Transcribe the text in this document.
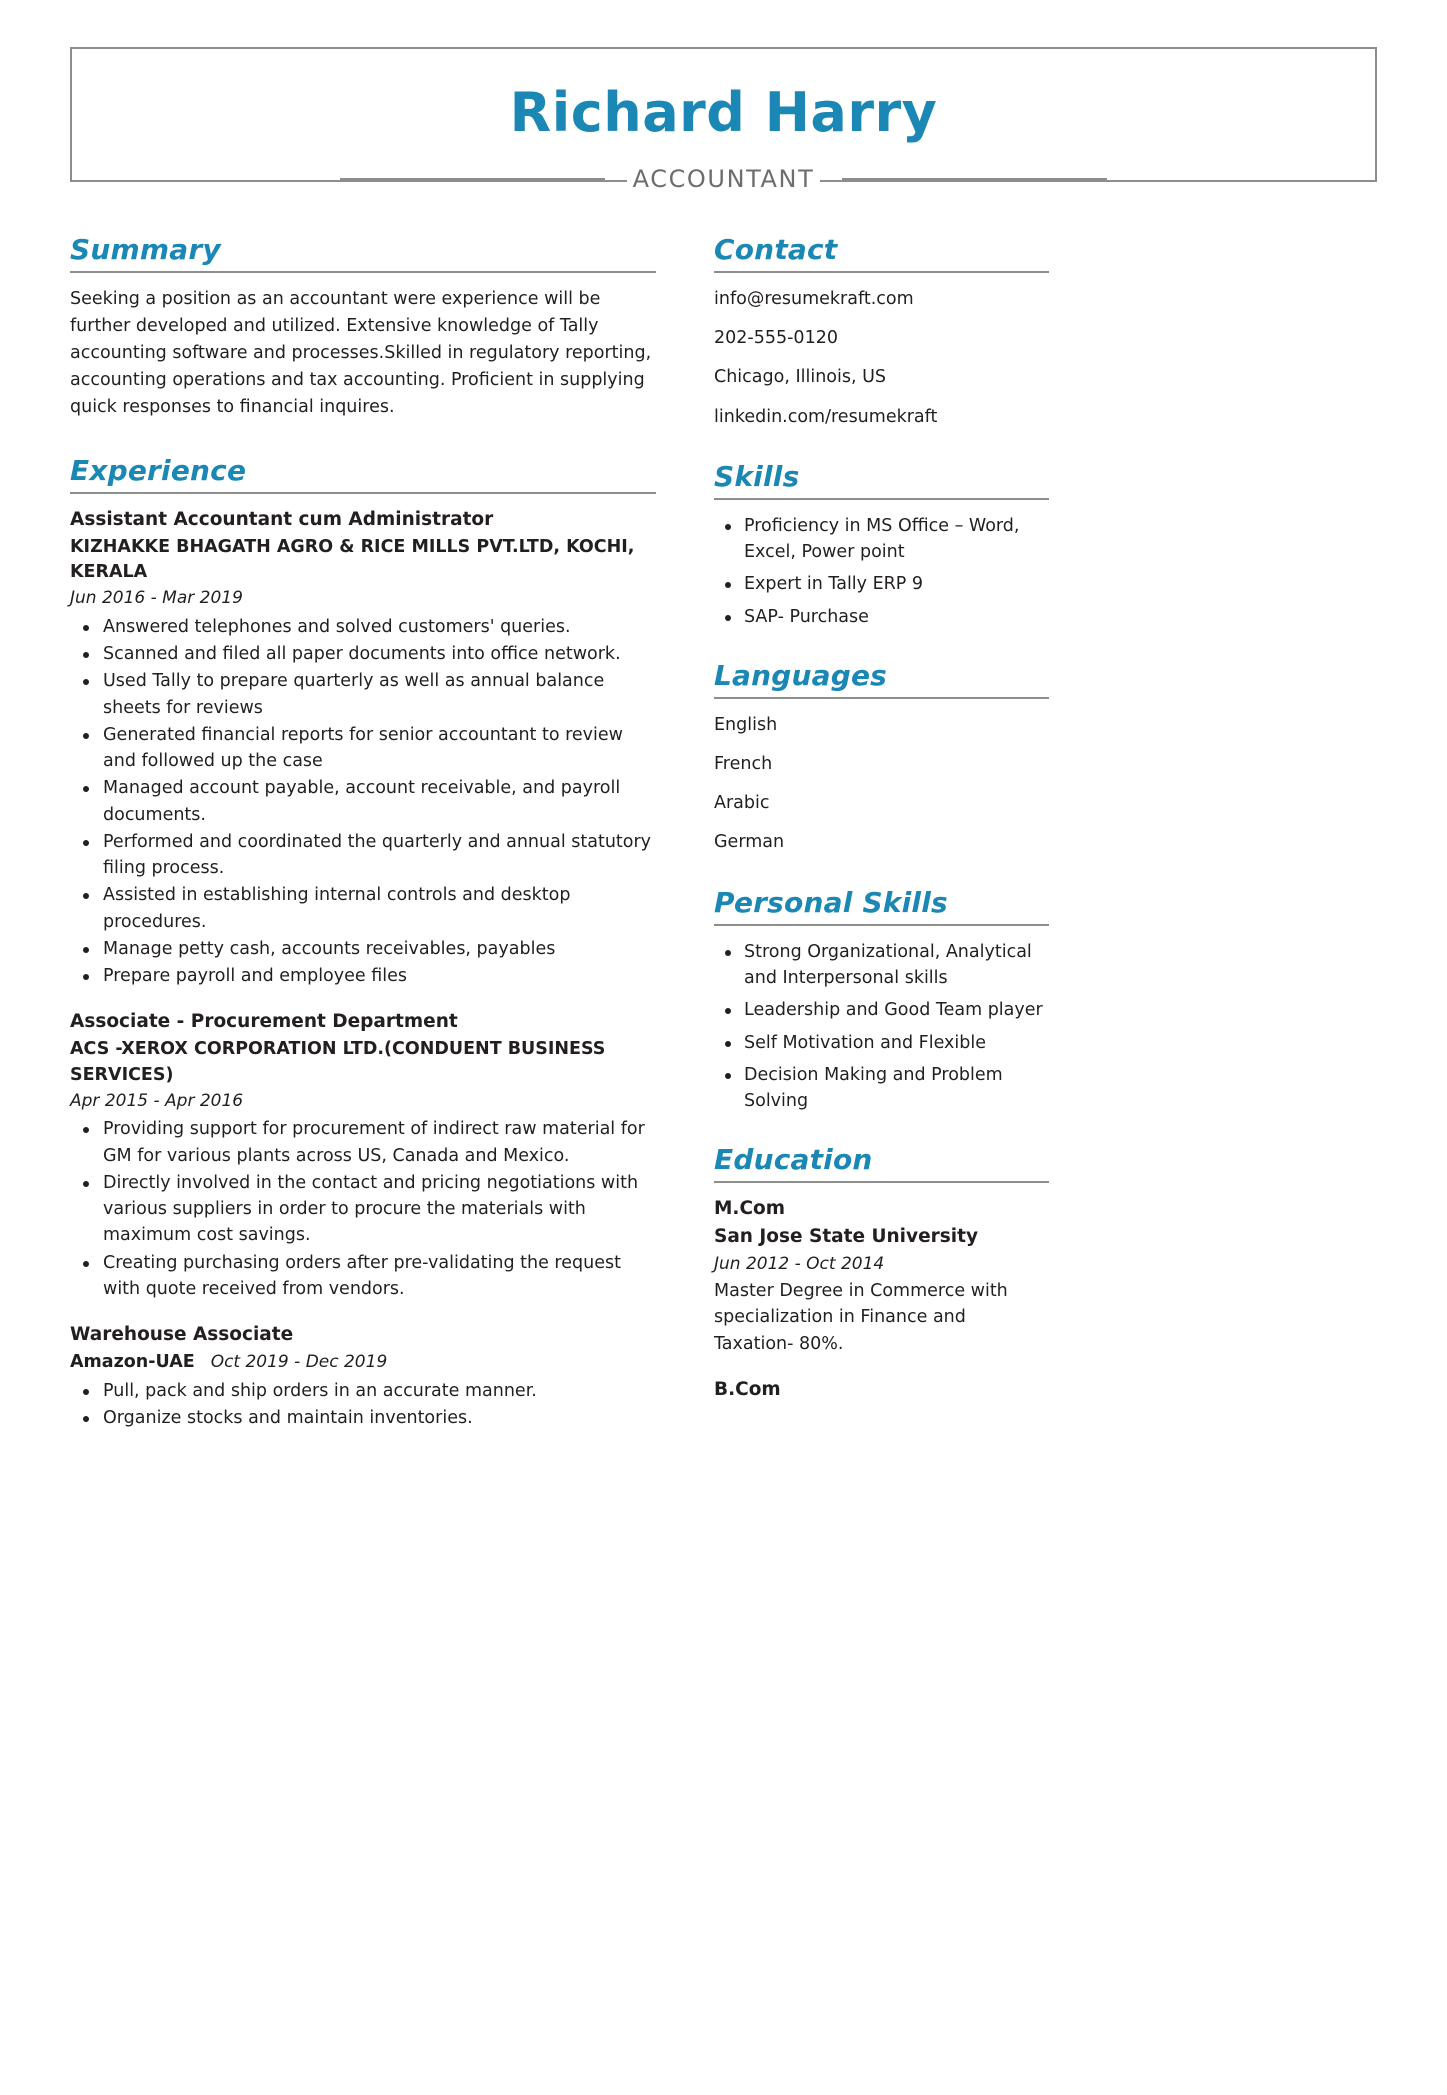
Richard Harry
ACCOUNTANT
Summary

Seeking a position as an accountant were experience will be further developed and utilized. Extensive knowledge of Tally accounting software and processes.Skilled in regulatory reporting, accounting operations and tax accounting. Proficient in supplying quick responses to financial inquires.

Experience
Assistant Accountant cum Administrator
KIZHAKKE BHAGATH AGRO & RICE MILLS PVT.LTD, KOCHI, KERALA
Jun 2016 - Mar 2019
Answered telephones and solved customers' queries.
Scanned and filed all paper documents into office network.
Used Tally to prepare quarterly as well as annual balance sheets for reviews
Generated financial reports for senior accountant to review and followed up the case
Managed account payable, account receivable, and payroll documents.
Performed and coordinated the quarterly and annual statutory filing process.
Assisted in establishing internal controls and desktop procedures.
Manage petty cash, accounts receivables, payables
Prepare payroll and employee files
Associate - Procurement Department
ACS -XEROX CORPORATION LTD.(CONDUENT BUSINESS SERVICES)
Apr 2015 - Apr 2016
Providing support for procurement of indirect raw material for GM for various plants across US, Canada and Mexico.
Directly involved in the contact and pricing negotiations with various suppliers in order to procure the materials with maximum cost savings.
Creating purchasing orders after pre-validating the request with quote received from vendors.
Warehouse Associate
Amazon-UAE Oct 2019 - Dec 2019
Pull, pack and ship orders in an accurate manner.
Organize stocks and maintain inventories.
Contact
info@resumekraft.com
202-555-0120
Chicago, Illinois, US
linkedin.com/resumekraft
Skills
Proficiency in MS Office – Word, Excel, Power point
Expert in Tally ERP 9
SAP- Purchase
Languages
English
French
Arabic
German
Personal Skills
Strong Organizational, Analytical and Interpersonal skills
Leadership and Good Team player
Self Motivation and Flexible
Decision Making and Problem Solving
Education
M.Com
San Jose State University
Jun 2012 - Oct 2014
Master Degree in Commerce with specialization in Finance and Taxation- 80%.
B.Com
